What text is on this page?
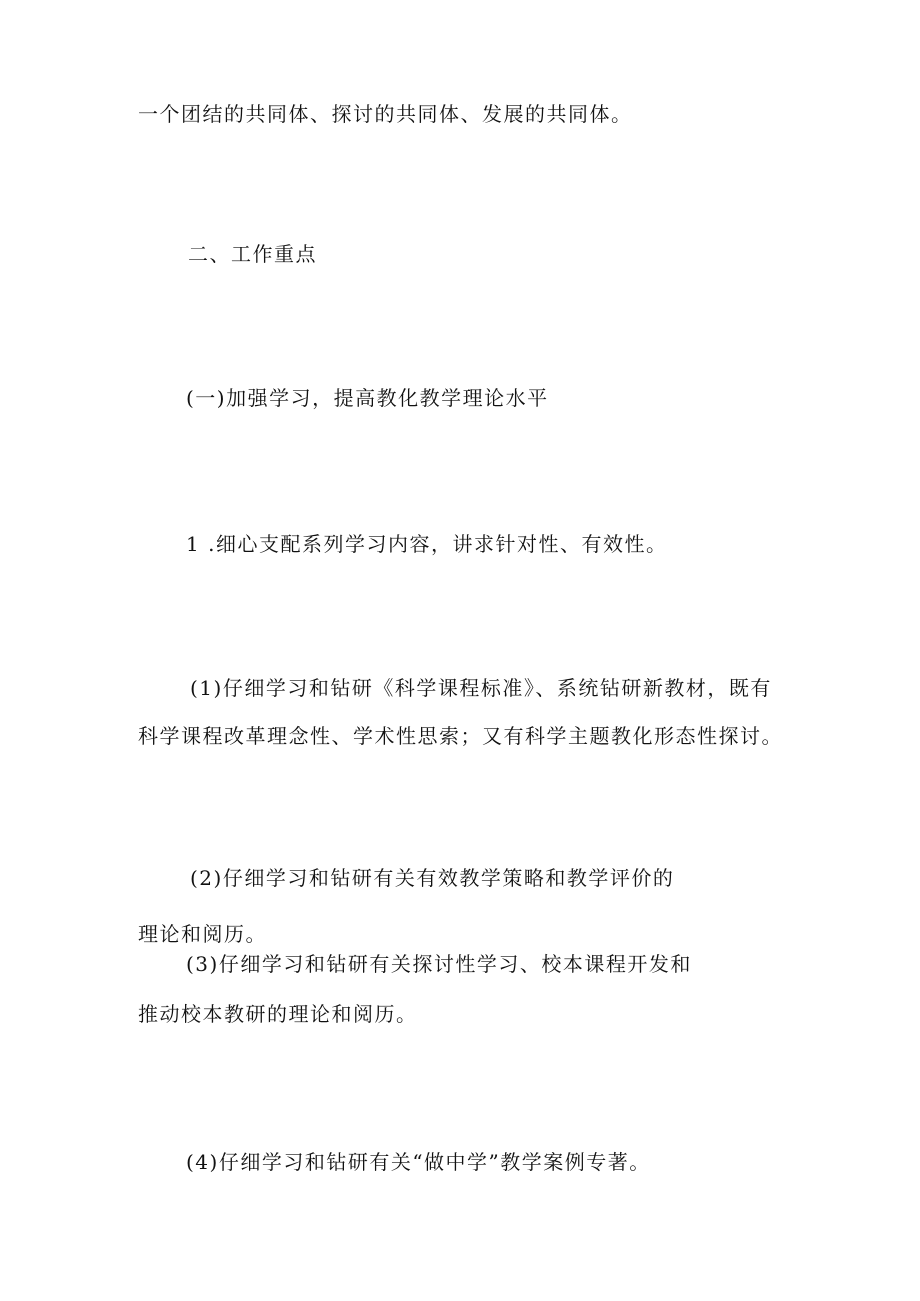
一个团结的共同体、探讨的共同体、发展的共同体。
二、工作重点
(一)加强学习，提高教化教学理论水平
1 .细心支配系列学习内容，讲求针对性、有效性。
(1)仔细学习和钻研《科学课程标准》、系统钻研新教材，既有
科学课程改革理念性、学术性思索；又有科学主题教化形态性探讨。
(2)仔细学习和钻研有关有效教学策略和教学评价的
理论和阅历。
(3)仔细学习和钻研有关探讨性学习、校本课程开发和
推动校本教研的理论和阅历。
(4)仔细学习和钻研有关“做中学”教学案例专著。
